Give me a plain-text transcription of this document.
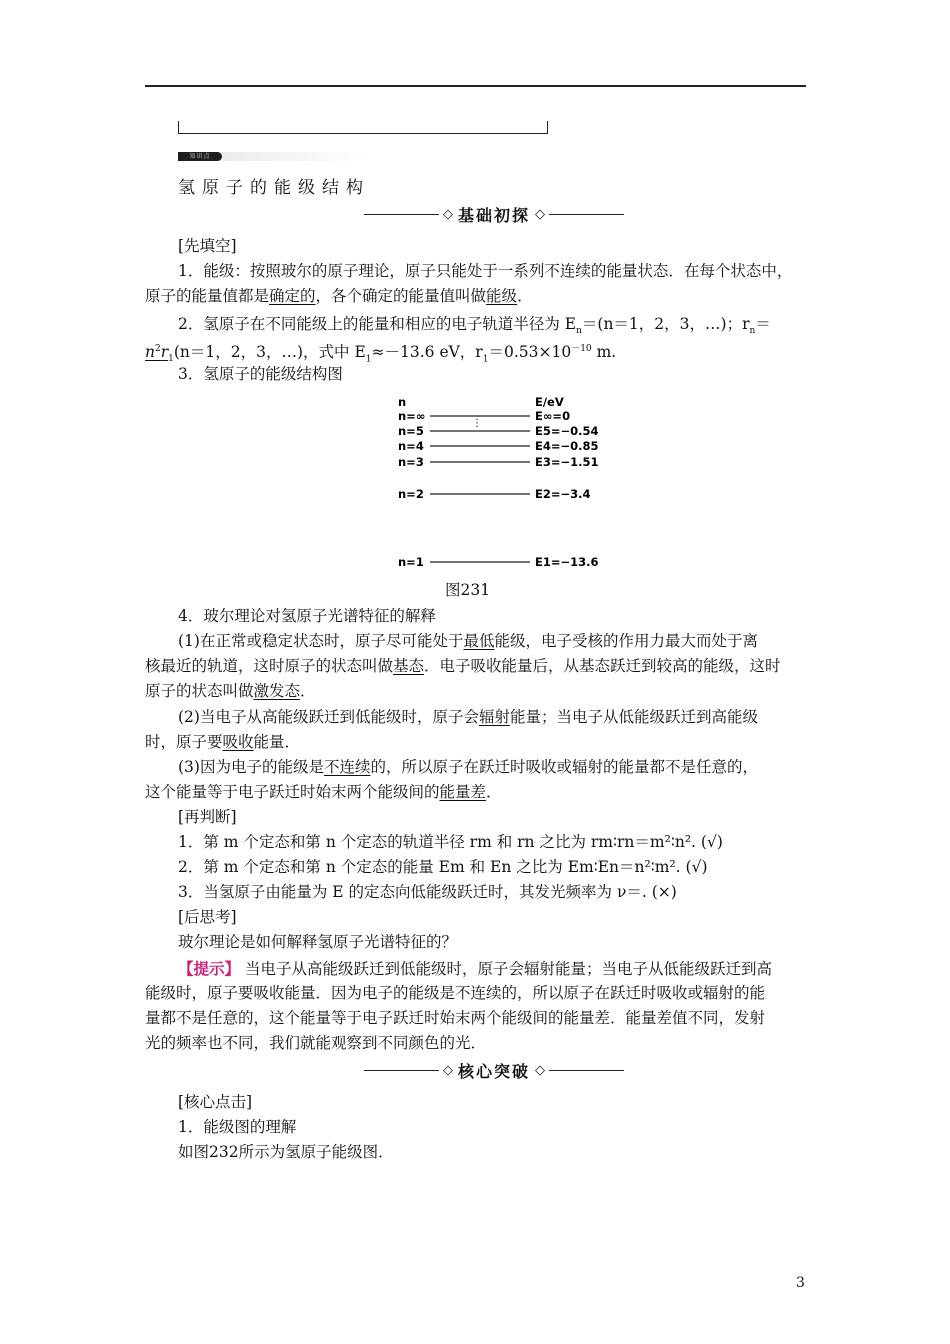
知识点
氢原子的能级结构
◇ 基础初探 ◇
[先填空]
1．能级：按照玻尔的原子理论，原子只能处于一系列不连续的能量状态．在每个状态中，
原子的能量值都是确定的，各个确定的能量值叫做能级．
2．氢原子在不同能级上的能量和相应的电子轨道半径为 $E_n=(n=1$，2，3，…)；$r_n=$
$n^2r_1(n=1$，2，3，…)，式中 $E_1\approx-13.6$ eV，$r_1=0.53\times 10^{-10}$ m.
3．氢原子的能级结构图
n	E/eV
n=∞	E∞=0
n=5	E5=−0.54
n=4	E4=−0.85
n=3	E3=−1.51
n=2	E2=−3.4
n=1	E1=−13.6
⋮
图231
4．玻尔理论对氢原子光谱特征的解释
(1)在正常或稳定状态时，原子尽可能处于最低能级，电子受核的作用力最大而处于离
核最近的轨道，这时原子的状态叫做基态．电子吸收能量后，从基态跃迁到较高的能级，这时
原子的状态叫做激发态．
(2)当电子从高能级跃迁到低能级时，原子会辐射能量；当电子从低能级跃迁到高能级
时，原子要吸收能量．
(3)因为电子的能级是不连续的，所以原子在跃迁时吸收或辐射的能量都不是任意的，
这个能量等于电子跃迁时始末两个能级间的能量差．
[再判断]
1．第 m 个定态和第 n 个定态的轨道半径 rm 和 rn 之比为 rm∶rn＝m²∶n². (√)
2．第 m 个定态和第 n 个定态的能量 Em 和 En 之比为 Em∶En＝n²∶m². (√)
3．当氢原子由能量为 E 的定态向低能级跃迁时，其发光频率为 ν＝. (×)
[后思考]
玻尔理论是如何解释氢原子光谱特征的？
【提示】 当电子从高能级跃迁到低能级时，原子会辐射能量；当电子从低能级跃迁到高
能级时，原子要吸收能量．因为电子的能级是不连续的，所以原子在跃迁时吸收或辐射的能
量都不是任意的，这个能量等于电子跃迁时始末两个能级间的能量差．能量差值不同，发射
光的频率也不同，我们就能观察到不同颜色的光．
◇ 核心突破 ◇
[核心点击]
1．能级图的理解
如图232所示为氢原子能级图．
3
